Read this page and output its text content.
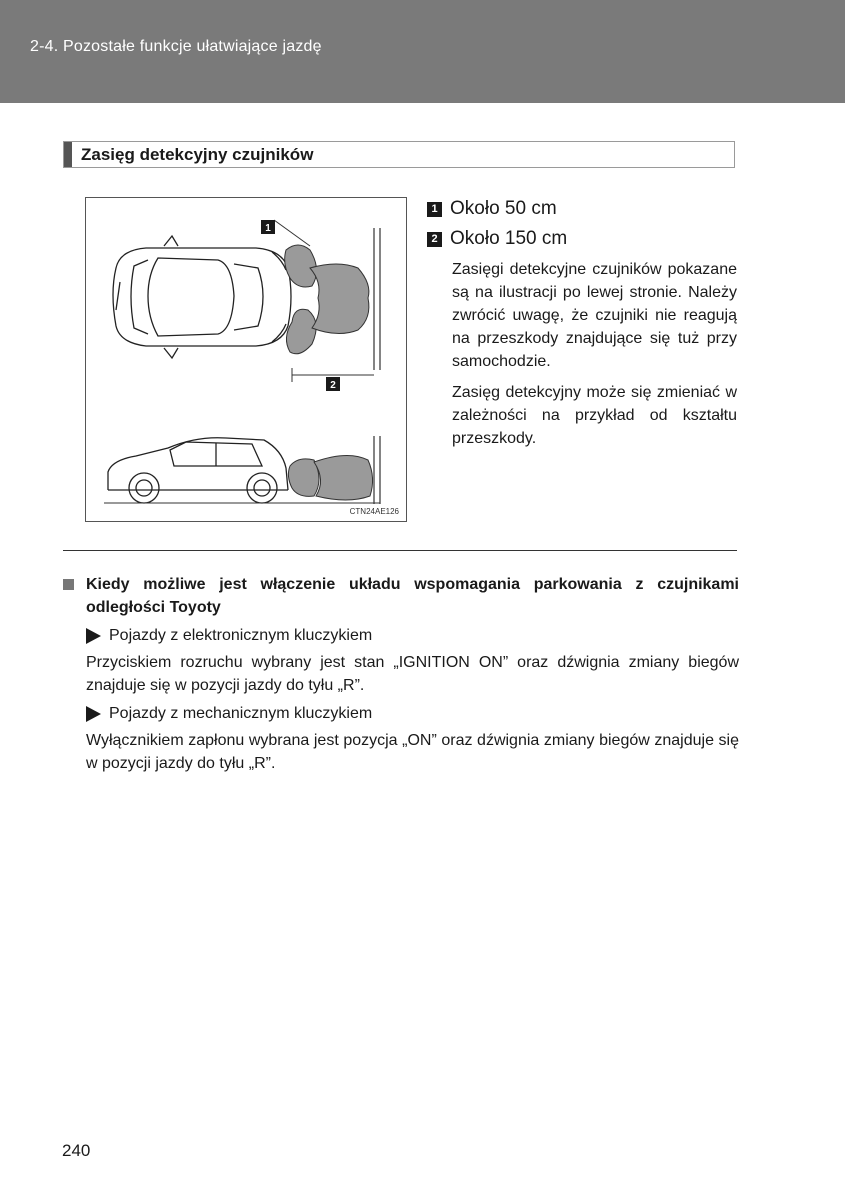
2-4. Pozostałe funkcje ułatwiające jazdę
Zasięg detekcyjny czujników
1
2
CTN24AE126
1 Około 50 cm
2 Około 150 cm

Zasięgi detekcyjne czujników pokazane są na ilustracji po lewej stronie. Należy zwrócić uwagę, że czujniki nie reagują na przeszkody znajdujące się tuż przy samochodzie.

Zasięg detekcyjny może się zmieniać w zależności na przykład od kształtu przeszkody.

Kiedy możliwe jest włączenie układu wspomagania parkowania z czujnikami odległości Toyoty
Pojazdy z elektronicznym kluczykiem
Przyciskiem rozruchu wybrany jest stan „IGNITION ON” oraz dźwignia zmiany biegów znajduje się w pozycji jazdy do tyłu „R”.
Pojazdy z mechanicznym kluczykiem
Wyłącznikiem zapłonu wybrana jest pozycja „ON” oraz dźwignia zmiany biegów znajduje się w pozycji jazdy do tyłu „R”.
240
